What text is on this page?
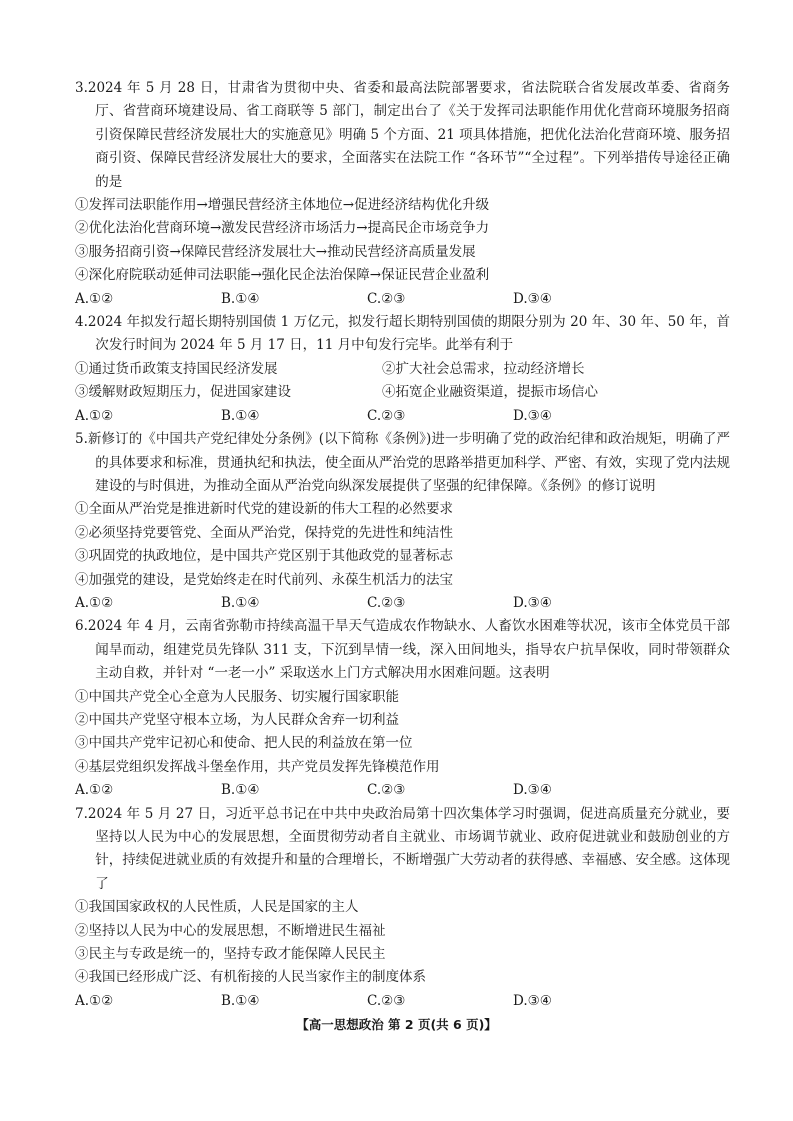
3.2024 年 5 月 28 日，甘肃省为贯彻中央、省委和最高法院部署要求，省法院联合省发展改革委、省商务厅、省营商环境建设局、省工商联等 5 部门，制定出台了《关于发挥司法职能作用优化营商环境服务招商引资保障民营经济发展壮大的实施意见》明确 5 个方面、21 项具体措施，把优化法治化营商环境、服务招商引资、保障民营经济发展壮大的要求，全面落实在法院工作 “各环节”“全过程”。下列举措传导途径正确的是
①发挥司法职能作用→增强民营经济主体地位→促进经济结构优化升级
②优化法治化营商环境→激发民营经济市场活力→提高民企市场竞争力
③服务招商引资→保障民营经济发展壮大→推动民营经济高质量发展
④深化府院联动延伸司法职能→强化民企法治保障→保证民营企业盈利
A.①②	B.①④	C.②③	D.③④
4.2024 年拟发行超长期特别国债 1 万亿元，拟发行超长期特别国债的期限分别为 20 年、30 年、50 年，首次发行时间为 2024 年 5 月 17 日，11 月中旬发行完毕。此举有利于
①通过货币政策支持国民经济发展	②扩大社会总需求，拉动经济增长
③缓解财政短期压力，促进国家建设	④拓宽企业融资渠道，提振市场信心
A.①②	B.①④	C.②③	D.③④
5.新修订的《中国共产党纪律处分条例》(以下简称《条例》)进一步明确了党的政治纪律和政治规矩，明确了严的具体要求和标准，贯通执纪和执法，使全面从严治党的思路举措更加科学、严密、有效，实现了党内法规建设的与时俱进，为推动全面从严治党向纵深发展提供了坚强的纪律保障。《条例》的修订说明
①全面从严治党是推进新时代党的建设新的伟大工程的必然要求
②必须坚持党要管党、全面从严治党，保持党的先进性和纯洁性
③巩固党的执政地位，是中国共产党区别于其他政党的显著标志
④加强党的建设，是党始终走在时代前列、永葆生机活力的法宝
A.①②	B.①④	C.②③	D.③④
6.2024 年 4 月，云南省弥勒市持续高温干旱天气造成农作物缺水、人畜饮水困难等状况，该市全体党员干部闻旱而动，组建党员先锋队 311 支，下沉到旱情一线，深入田间地头，指导农户抗旱保收，同时带领群众主动自救，并针对 “一老一小” 采取送水上门方式解决用水困难问题。这表明
①中国共产党全心全意为人民服务、切实履行国家职能
②中国共产党坚守根本立场，为人民群众舍弃一切利益
③中国共产党牢记初心和使命、把人民的利益放在第一位
④基层党组织发挥战斗堡垒作用，共产党员发挥先锋模范作用
A.①②	B.①④	C.②③	D.③④
7.2024 年 5 月 27 日，习近平总书记在中共中央政治局第十四次集体学习时强调，促进高质量充分就业，要坚持以人民为中心的发展思想，全面贯彻劳动者自主就业、市场调节就业、政府促进就业和鼓励创业的方针，持续促进就业质的有效提升和量的合理增长，不断增强广大劳动者的获得感、幸福感、安全感。这体现了
①我国国家政权的人民性质，人民是国家的主人
②坚持以人民为中心的发展思想，不断增进民生福祉
③民主与专政是统一的，坚持专政才能保障人民民主
④我国已经形成广泛、有机衔接的人民当家作主的制度体系
A.①②	B.①④	C.②③	D.③④
【高一思想政治 第 2 页(共 6 页)】
